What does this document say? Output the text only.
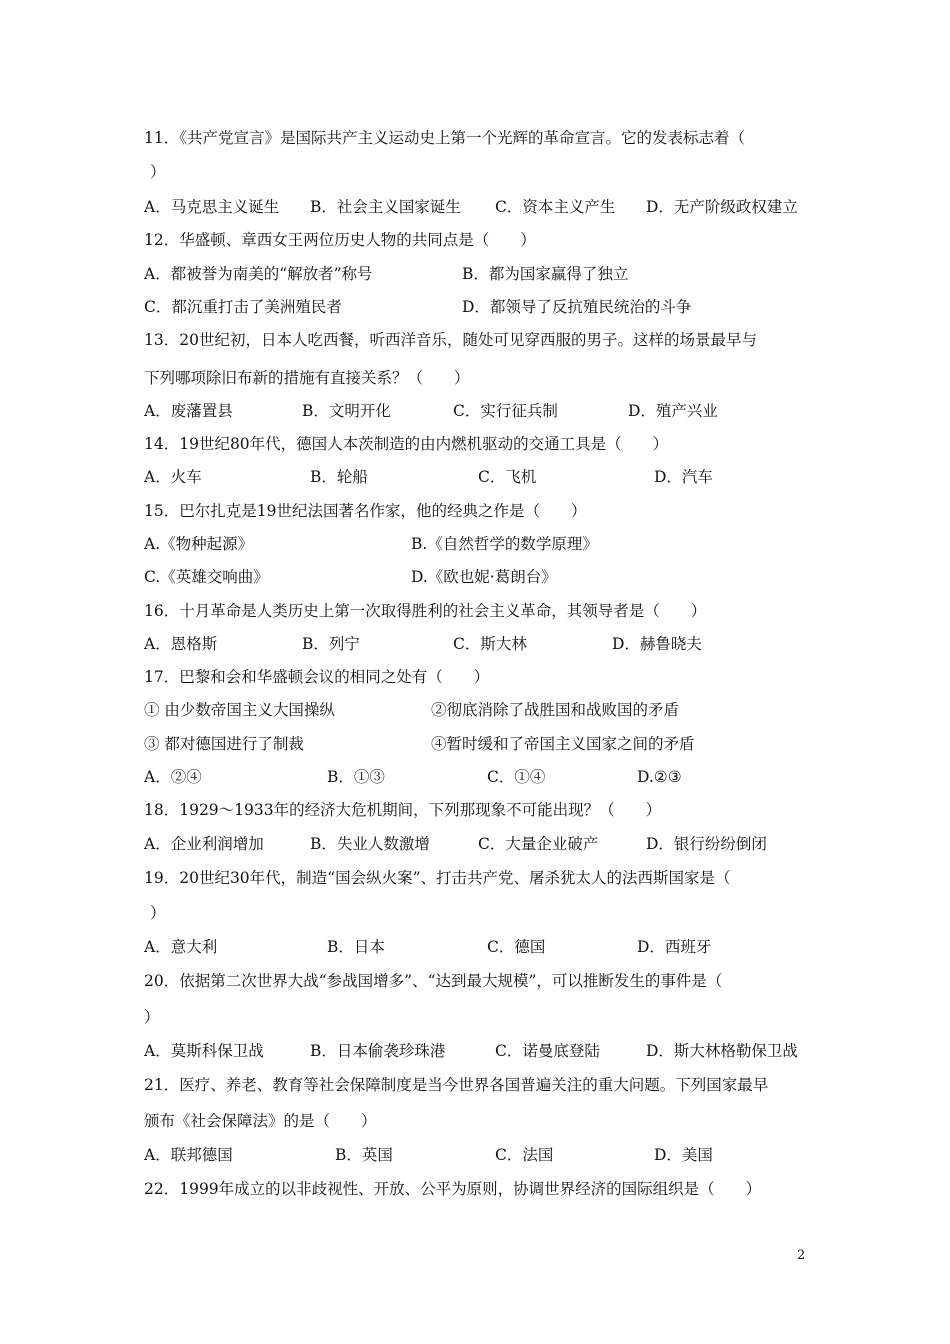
11．《共产党宣言》是国际共产主义运动史上第一个光辉的革命宣言。它的发表标志着（
）
A．马克思主义诞生 B．社会主义国家诞生 C．资本主义产生 D．无产阶级政权建立
12．华盛顿、章西女王两位历史人物的共同点是（　　）
A．都被誉为南美的“解放者”称号	B．都为国家赢得了独立
C．都沉重打击了美洲殖民者	D．都领导了反抗殖民统治的斗争
13．20世纪初，日本人吃西餐，听西洋音乐，随处可见穿西服的男子。这样的场景最早与
下列哪项除旧布新的措施有直接关系？（　　）
A．废藩置县	B．文明开化	C．实行征兵制	D．殖产兴业
14．19世纪80年代，德国人本茨制造的由内燃机驱动的交通工具是（　　）
A．火车	B．轮船	C．飞机	D．汽车
15．巴尔扎克是19世纪法国著名作家，他的经典之作是（　　）
A.《物种起源》	B.《自然哲学的数学原理》
C.《英雄交响曲》	D.《欧也妮·葛朗台》
16．十月革命是人类历史上第一次取得胜利的社会主义革命，其领导者是（　　）
A．恩格斯	B．列宁	C．斯大林	D．赫鲁晓夫
17．巴黎和会和华盛顿会议的相同之处有（　　）
① 由少数帝国主义大国操纵	②彻底消除了战胜国和战败国的矛盾
③ 都对德国进行了制裁	④暂时缓和了帝国主义国家之间的矛盾
A．②④	B．①③	C．①④	D.②③
18．1929～1933年的经济大危机期间，下列那现象不可能出现？（　　）
A．企业利润增加	B．失业人数激增	C．大量企业破产	D．银行纷纷倒闭
19．20世纪30年代，制造“国会纵火案”、打击共产党、屠杀犹太人的法西斯国家是（
）
A．意大利	B．日本	C．德国	D．西班牙
20．依据第二次世界大战“参战国增多”、“达到最大规模”，可以推断发生的事件是（
）
A．莫斯科保卫战	B．日本偷袭珍珠港	C．诺曼底登陆	D．斯大林格勒保卫战
21．医疗、养老、教育等社会保障制度是当今世界各国普遍关注的重大问题。下列国家最早
颁布《社会保障法》的是（　　）
A．联邦德国	B．英国	C．法国	D．美国
22．1999年成立的以非歧视性、开放、公平为原则，协调世界经济的国际组织是（　　）
2
